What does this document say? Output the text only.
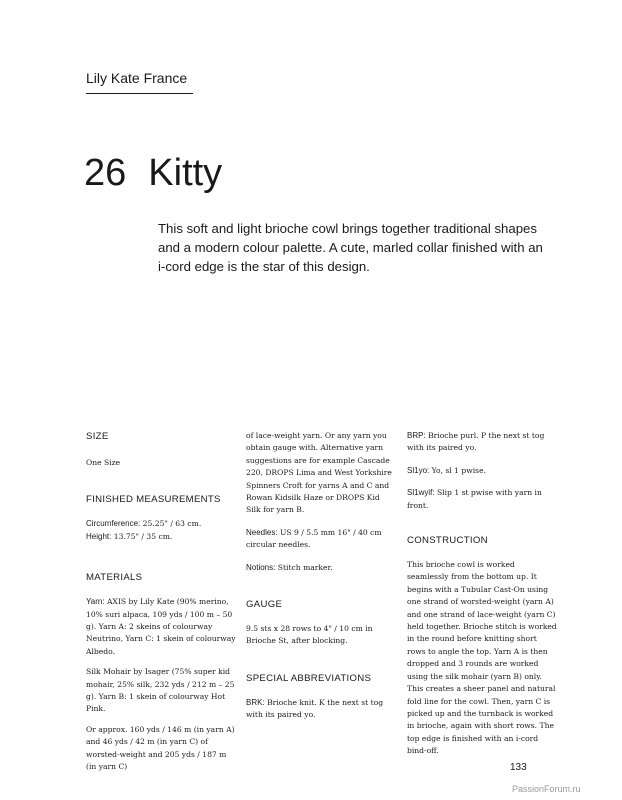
Lily Kate France
26 Kitty

This soft and light brioche cowl brings together traditional shapes and a modern colour palette. A cute, marled collar finished with an i-cord edge is the star of this design.

SIZE

One Size

FINISHED MEASUREMENTS

Circumference: 25.25" / 63 cm.

Height: 13.75" / 35 cm.

MATERIALS

Yarn: AXIS by Lily Kate (90% merino, 10% suri alpaca, 109 yds / 100 m – 50 g). Yarn A: 2 skeins of colourway Neutrino, Yarn C: 1 skein of colourway Albedo.

Silk Mohair by Isager (75% super kid mohair, 25% silk, 232 yds / 212 m – 25 g). Yarn B: 1 skein of colourway Hot Pink.

Or approx. 160 yds / 146 m (in yarn A) and 46 yds / 42 m (in yarn C) of worsted-weight and 205 yds / 187 m (in yarn C)

of lace-weight yarn. Or any yarn you obtain gauge with. Alternative yarn suggestions are for example Cascade 220, DROPS Lima and West Yorkshire Spinners Croft for yarns A and C and Rowan Kidsilk Haze or DROPS Kid Silk for yarn B.

Needles: US 9 / 5.5 mm 16" / 40 cm circular needles.

Notions: Stitch marker.

GAUGE

9.5 sts x 28 rows to 4" / 10 cm in Brioche St, after blocking.

SPECIAL ABBREVIATIONS

BRK: Brioche knit. K the next st tog with its paired yo.

BRP: Brioche purl. P the next st tog with its paired yo.

Sl1yo: Yo, sl 1 pwise.

Sl1wyif: Slip 1 st pwise with yarn in front.

CONSTRUCTION

This brioche cowl is worked seamlessly from the bottom up. It begins with a Tubular Cast-On using one strand of worsted-weight (yarn A) and one strand of lace-weight (yarn C) held together. Brioche stitch is worked in the round before knitting short rows to angle the top. Yarn A is then dropped and 3 rounds are worked using the silk mohair (yarn B) only. This creates a sheer panel and natural fold line for the cowl. Then, yarn C is picked up and the turnback is worked in brioche, again with short rows. The top edge is finished with an i-cord bind-off.

133
PassionForum.ru
